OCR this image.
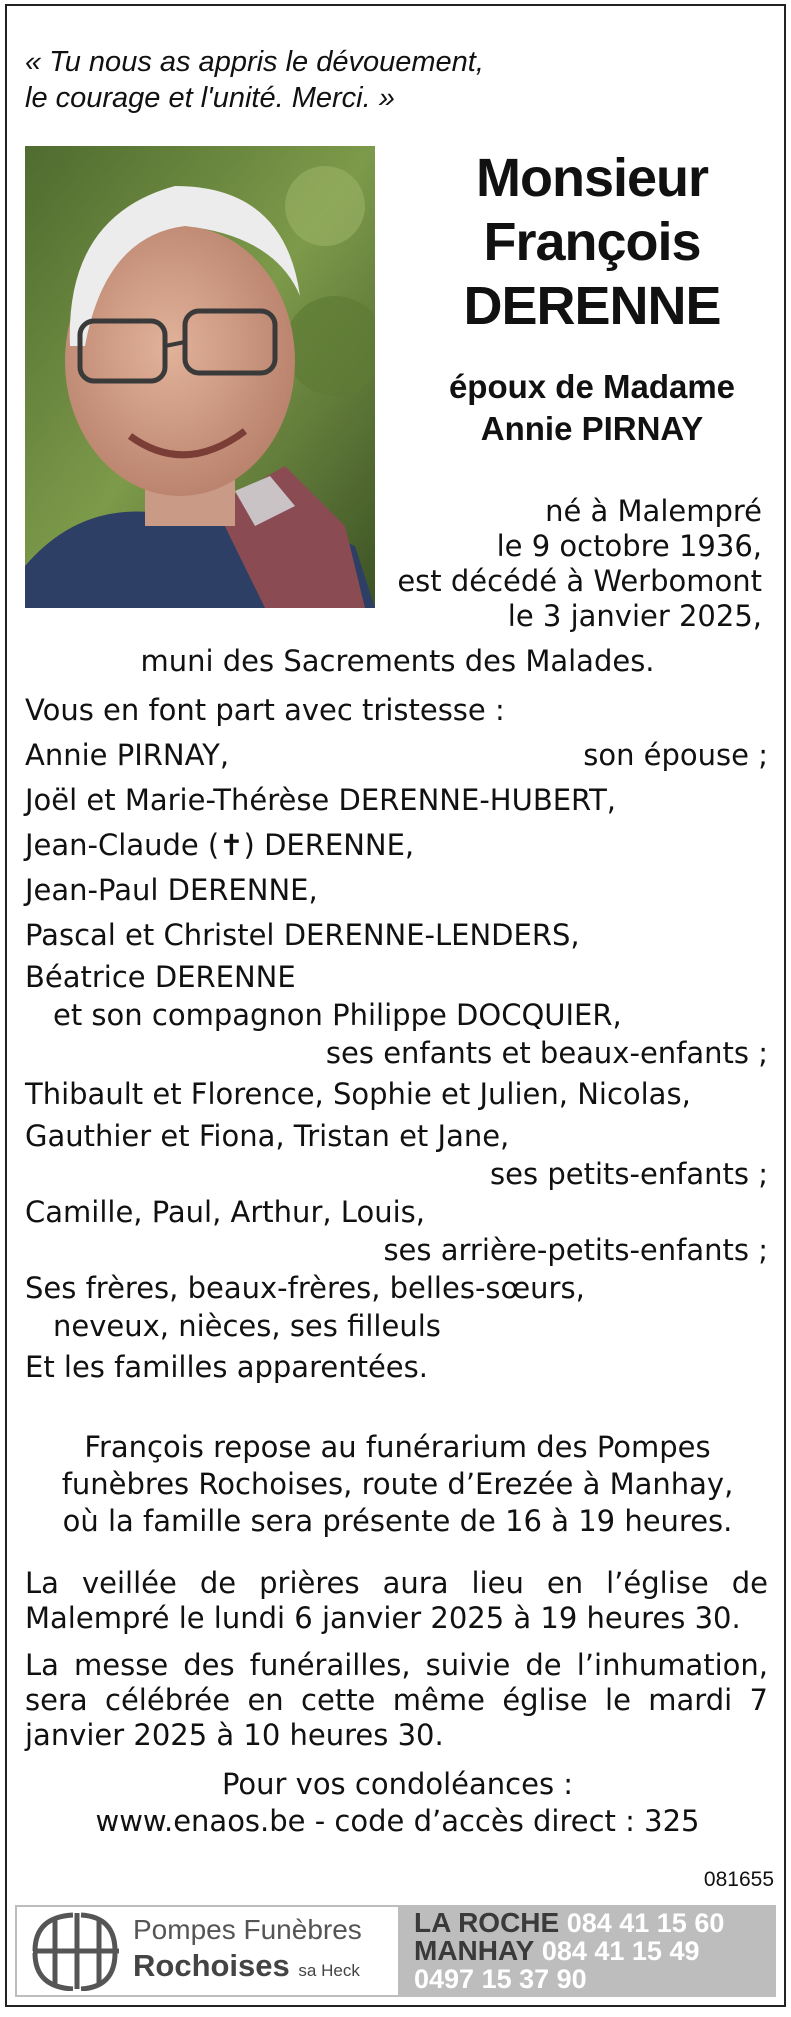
« Tu nous as appris le dévouement,
le courage et l'unité. Merci. »
Monsieur
François
DERENNE
époux de Madame
Annie PIRNAY
né à Malempré
le 9 octobre 1936,
est décédé à Werbomont
le 3 janvier 2025,
muni des Sacrements des Malades.
Vous en font part avec tristesse :
Annie PIRNAY,	son épouse ;
Joël et Marie-Thérèse DERENNE-HUBERT,
Jean-Claude (✝) DERENNE,
Jean-Paul DERENNE,
Pascal et Christel DERENNE-LENDERS,
Béatrice DERENNE
et son compagnon Philippe DOCQUIER,
ses enfants et beaux-enfants ;
Thibault et Florence, Sophie et Julien, Nicolas,
Gauthier et Fiona, Tristan et Jane,
ses petits-enfants ;
Camille, Paul, Arthur, Louis,
ses arrière-petits-enfants ;
Ses frères, beaux-frères, belles-sœurs,
neveux, nièces, ses filleuls
Et les familles apparentées.
François repose au funérarium des Pompes
funèbres Rochoises, route d’Erezée à Manhay,
où la famille sera présente de 16 à 19 heures.

La veillée de prières aura lieu en l’église de Malempré le lundi 6 janvier 2025 à 19 heures 30.

La messe des funérailles, suivie de l’inhumation, sera célébrée en cette même église le mardi 7 janvier 2025 à 10 heures 30.

Pour vos condoléances :
www.enaos.be - code d’accès direct : 325
081655
Pompes Funèbres
Rochoises sa Heck
LA ROCHE 084 41 15 60
MANHAY 084 41 15 49
0497 15 37 90
